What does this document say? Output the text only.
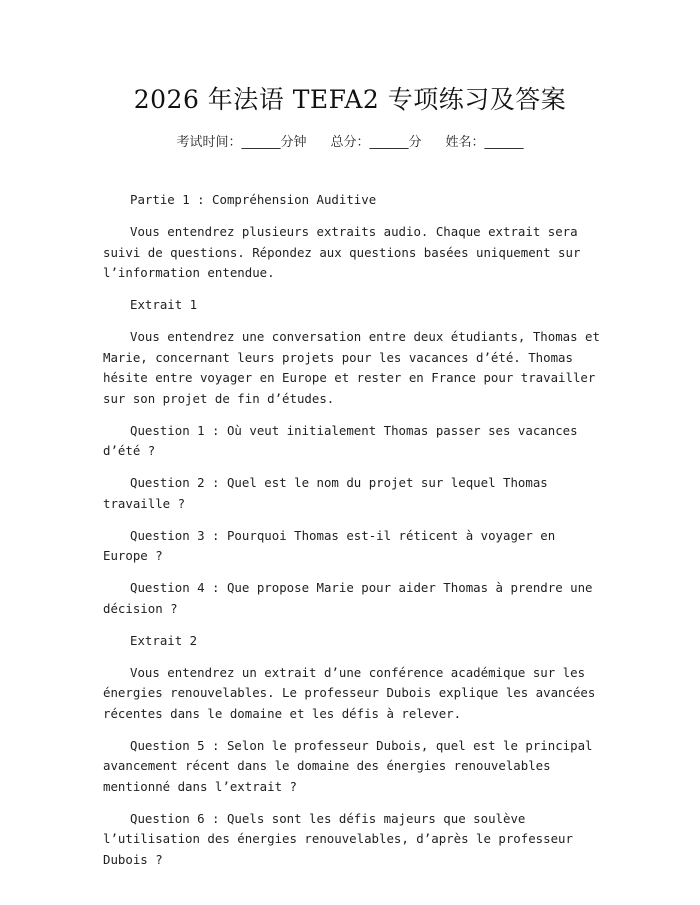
2026 年法语 TEFA2 专项练习及答案
考试时间：______分钟 总分：______分 姓名：______

Partie 1 : Compréhension Auditive

Vous entendrez plusieurs extraits audio. Chaque extrait sera suivi de questions. Répondez aux questions basées uniquement sur l’information entendue.

Extrait 1

Vous entendrez une conversation entre deux étudiants, Thomas et Marie, concernant leurs projets pour les vacances d’été. Thomas hésite entre voyager en Europe et rester en France pour travailler sur son projet de fin d’études.

Question 1 : Où veut initialement Thomas passer ses vacances d’été ?

Question 2 : Quel est le nom du projet sur lequel Thomas travaille ?

Question 3 : Pourquoi Thomas est-il réticent à voyager en Europe ?

Question 4 : Que propose Marie pour aider Thomas à prendre une décision ?

Extrait 2

Vous entendrez un extrait d’une conférence académique sur les énergies renouvelables. Le professeur Dubois explique les avancées récentes dans le domaine et les défis à relever.

Question 5 : Selon le professeur Dubois, quel est le principal avancement récent dans le domaine des énergies renouvelables mentionné dans l’extrait ?

Question 6 : Quels sont les défis majeurs que soulève l’utilisation des énergies renouvelables, d’après le professeur Dubois ?
